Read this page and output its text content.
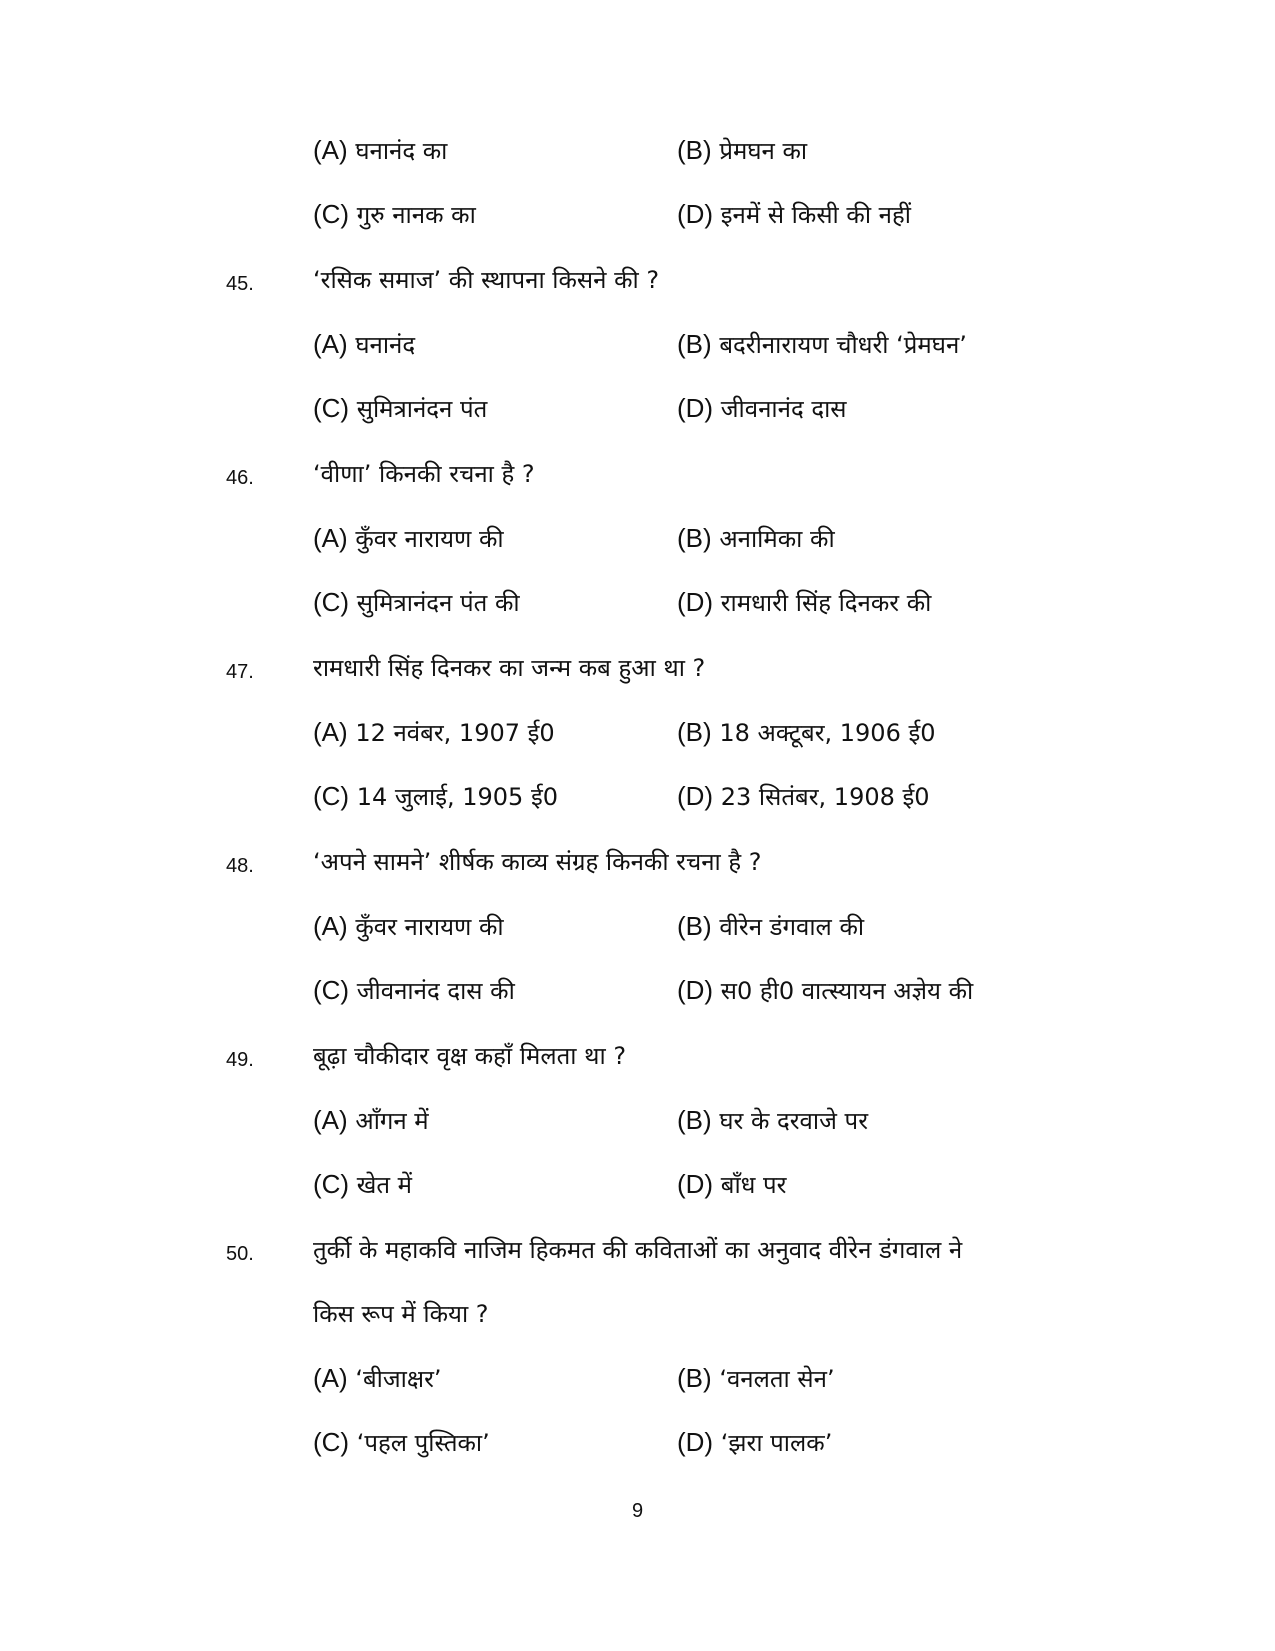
(A) घनानंद का	(B) प्रेमघन का
(C) गुरु नानक का	(D) इनमें से किसी की नहीं
45. ‘रसिक समाज’ की स्थापना किसने की ?
(A) घनानंद	(B) बदरीनारायण चौधरी ‘प्रेमघन’
(C) सुमित्रानंदन पंत	(D) जीवनानंद दास
46. ‘वीणा’ किनकी रचना है ?
(A) कुँवर नारायण की	(B) अनामिका की
(C) सुमित्रानंदन पंत की	(D) रामधारी सिंह दिनकर की
47. रामधारी सिंह दिनकर का जन्म कब हुआ था ?
(A) 12 नवंबर, 1907 ई0	(B) 18 अक्टूबर, 1906 ई0
(C) 14 जुलाई, 1905 ई0	(D) 23 सितंबर, 1908 ई0
48. ‘अपने सामने’ शीर्षक काव्य संग्रह किनकी रचना है ?
(A) कुँवर नारायण की	(B) वीरेन डंगवाल की
(C) जीवनानंद दास की	(D) स0 ही0 वात्स्यायन अज्ञेय की
49. बूढ़ा चौकीदार वृक्ष कहाँ मिलता था ?
(A) आँगन में	(B) घर के दरवाजे पर
(C) खेत में	(D) बाँध पर
50. तुर्की के महाकवि नाजिम हिकमत की कविताओं का अनुवाद वीरेन डंगवाल ने
किस रूप में किया ?
(A) ‘बीजाक्षर’	(B) ‘वनलता सेन’
(C) ‘पहल पुस्तिका’	(D) ‘झरा पालक’
9
